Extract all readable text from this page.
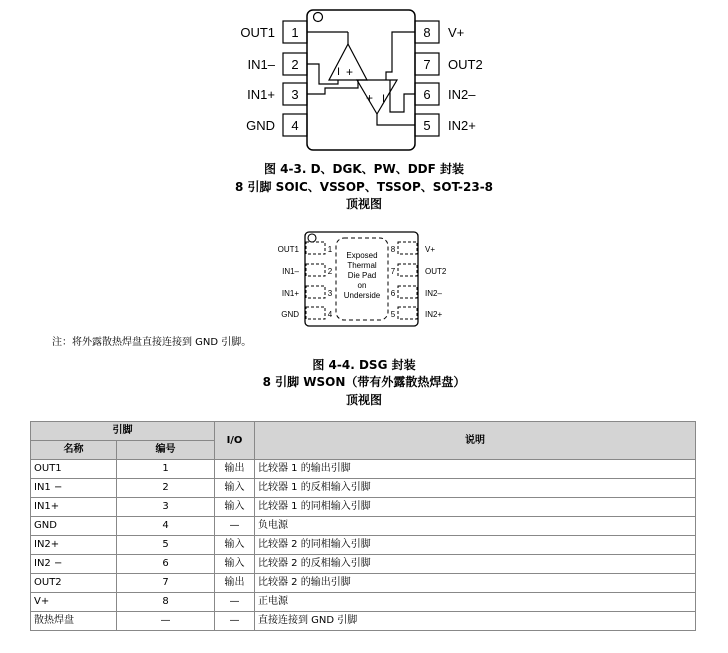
1
2
3
4
8
7
6
5
OUT1
IN1–
IN1+
GND
V+
OUT2
IN2–
IN2+
I +
+ I
1
2
3
4
8
7
6
5
OUT1
IN1–
IN1+
GND
V+
OUT2
IN2–
IN2+
Exposed
Thermal
Die Pad
on
Underside
图 4-3. D、DGK、PW、DDF 封装
8 引脚 SOIC、VSSOP、TSSOP、SOT-23-8
顶视图
注：将外露散热焊盘直接连接到 GND 引脚。
图 4-4. DSG 封装
8 引脚 WSON（带有外露散热焊盘）
顶视图
引脚		I/O	说明
名称	编号		
OUT1	1	输出	比较器 1 的输出引脚
IN1 −	2	输入	比较器 1 的反相输入引脚
IN1+	3	输入	比较器 1 的同相输入引脚
GND	4	—	负电源
IN2+	5	输入	比较器 2 的同相输入引脚
IN2 −	6	输入	比较器 2 的反相输入引脚
OUT2	7	输出	比较器 2 的输出引脚
V+	8	—	正电源
散热焊盘	—	—	直接连接到 GND 引脚
